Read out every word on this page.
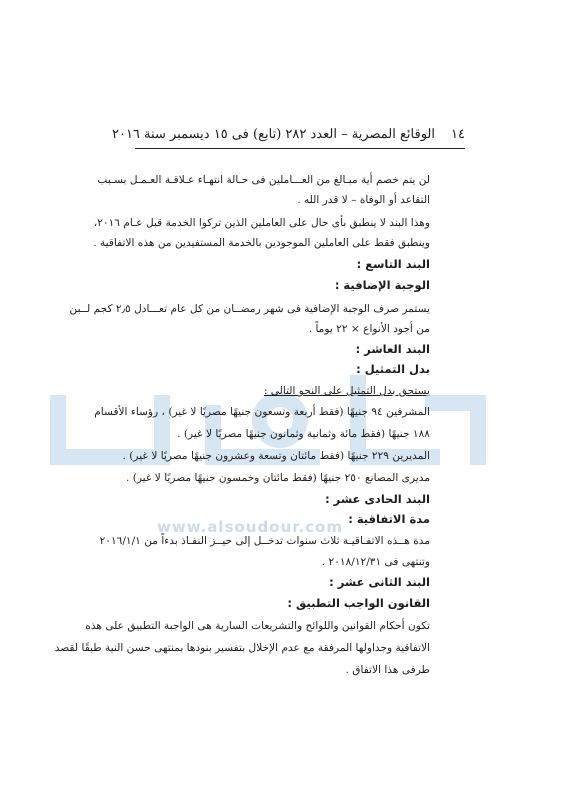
www.alsoudour.com
١٤
الوقائع المصرية – العدد ٢٨٢ (تابع) فى ١٥ ديسمبر سنة ٢٠١٦
لن يتم خصم أية مبـالغ من العـــاملين فى حـالة انتهـاء عـلاقـة العـمـل بسـبب
التقاعد أو الوفاة – لا قدر الله .
وهذا البند لا ينطبق بأى حال على العاملين الذين تركوا الخدمة قبل عـام ٢٠١٦،
وينطبق فقط على العاملين الموجودين بالخدمة المستفيدين من هذه الاتفاقية .
البند التاسع :
الوجبة الإضافية :
يستمر صرف الوجبة الإضافية فى شهر رمضــان من كل عام تعـــادل ٢٫٥ كجم لــبن
من أجود الأنواع × ٢٢ يوماً .
البند العاشر :
بدل التمثيل :
يستحق بدل التمثيل على النحو التالى :
المشرفين ٩٤ جنيهًا (فقط أربعة وتسعون جنيهًا مصريًا لا غير) ، رؤساء الأقسام
١٨٨ جنيهًا (فقط مائة وثمانية وثمانون جنيهًا مصريًا لا غير) .
المديرين ٢٢٩ جنيهًا (فقط مائتان وتسعة وعشرون جنيهًا مصريًا لا غير) .
مديرى المصانع ٢٥٠ جنيهًا (فقط مائتان وخمسون جنيهًا مصريًا لا غير) .
البند الحادى عشر :
مدة الاتفاقية :
مدة هــذه الاتفـاقيـة ثلاث سنوات تدخــل إلى حيــز النفـاذ بدءاً من ٢٠١٦/١/١
وتنتهى فى ٢٠١٨/١٢/٣١ .
البند الثانى عشر :
القانون الواجب التطبيق :
تكون أحكام القوانين واللوائح والتشريعات السارية هى الواجبة التطبيق على هذه
الاتفاقية وجداولها المرفقة مع عدم الإخلال بتفسير بنودها بمنتهى حسن النية طبقًا لقصد
طرفى هذا الاتفاق .
